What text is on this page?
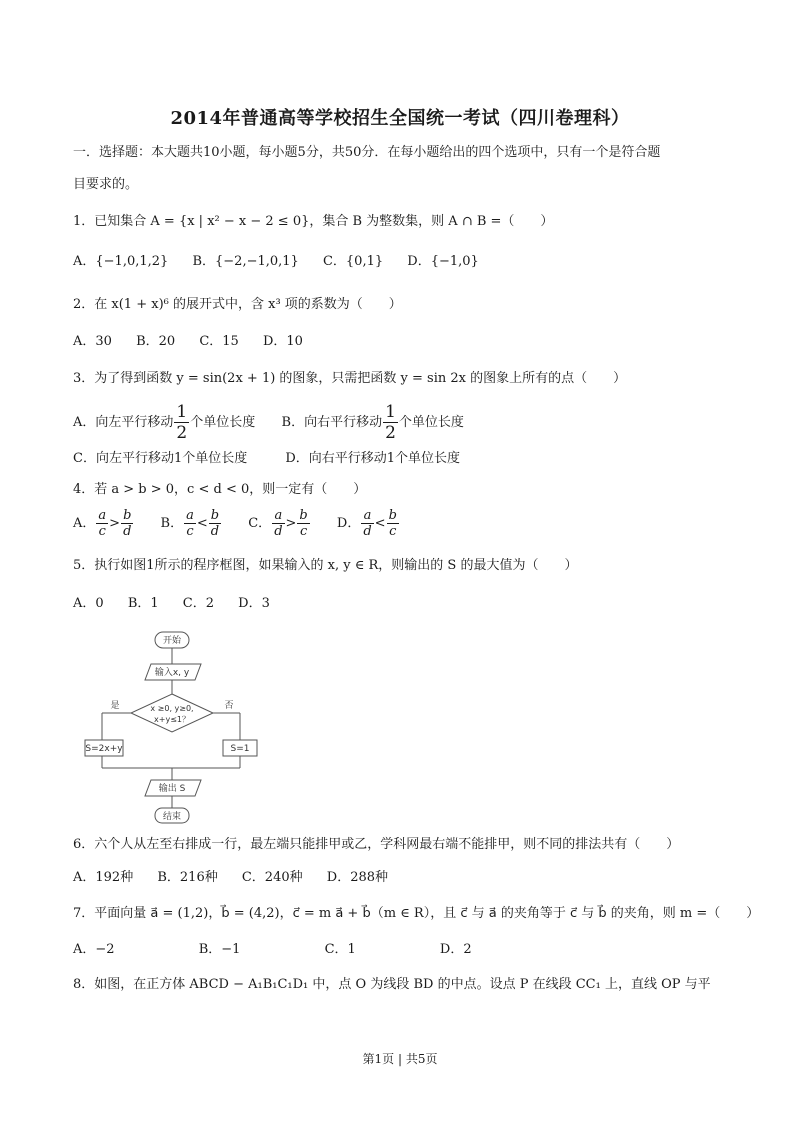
2014年普通高等学校招生全国统一考试（四川卷理科）
一．选择题：本大题共10小题，每小题5分，共50分．在每小题给出的四个选项中，只有一个是符合题
目要求的。
1．已知集合 A = {x | x² − x − 2 ≤ 0}，集合 B 为整数集，则 A ∩ B =（　　）
A．{−1,0,1,2} B．{−2,−1,0,1} C．{0,1} D．{−1,0}
2．在 x(1 + x)⁶ 的展开式中，含 x³ 项的系数为（　　）
A．30 B．20 C．15 D．10
3．为了得到函数 y = sin(2x + 1) 的图象，只需把函数 y = sin 2x 的图象上所有的点（　　）
A．向左平行移动 $\frac{1}{2}$ 个单位长度 B．向右平行移动 $\frac{1}{2}$ 个单位长度
C．向左平行移动1个单位长度	D．向右平行移动1个单位长度
4．若 a > b > 0，c < d < 0，则一定有（　　）
A． $\frac{a}{c} > \frac{b}{d}$ B． $\frac{a}{c} < \frac{b}{d}$ C． $\frac{a}{d} > \frac{b}{c}$ D． $\frac{a}{d} < \frac{b}{c}$
5．执行如图1所示的程序框图，如果输入的 x, y ∈ R，则输出的 S 的最大值为（　　）
A．0 B．1 C．2 D．3
开始
输入x, y
x ≥0, y≥0,
x+y≤1？
是	否
S=2x+y	S=1
输出 S
结束
6．六个人从左至右排成一行，最左端只能排甲或乙，学科网最右端不能排甲，则不同的排法共有（　　）
A．192种 B．216种 C．240种 D．288种
7．平面向量 a⃗ = (1,2)，b⃗ = (4,2)，c⃗ = m a⃗ + b⃗（m ∈ R），且 c⃗ 与 a⃗ 的夹角等于 c⃗ 与 b⃗ 的夹角，则 m =（　　）
A．−2	B．−1	C．1	D．2
8．如图，在正方体 ABCD − A₁B₁C₁D₁ 中，点 O 为线段 BD 的中点。设点 P 在线段 CC₁ 上，直线 OP 与平
第1页 | 共5页
